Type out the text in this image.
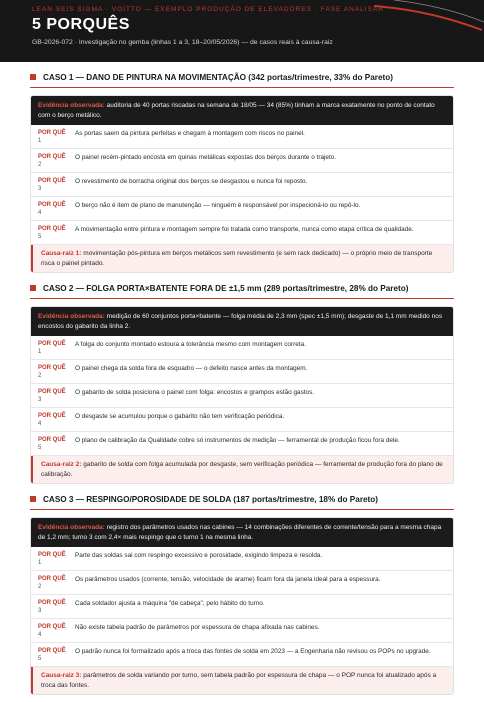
LEAN SEIS SIGMA · VOITTO — EXEMPLO PRODUÇÃO DE ELEVADORES · FASE ANALISAR
5 PORQUÊS
GB-2026-072 · Investigação no gemba (linhas 1 a 3, 18–20/05/2026) — de casos reais à causa-raiz
CASO 1 — DANO DE PINTURA NA MOVIMENTAÇÃO (342 portas/trimestre, 33% do Pareto)
Evidência observada: auditoria de 40 portas riscadas na semana de 18/05 — 34 (85%) tinham a marca exatamente no ponto de contato com o berço metálico.
POR QUÊ
1
As portas saem da pintura perfeitas e chegam à montagem com riscos no painel.
POR QUÊ
2
O painel recém-pintado encosta em quinas metálicas expostas dos berços durante o trajeto.
POR QUÊ
3
O revestimento de borracha original dos berços se desgastou e nunca foi reposto.
POR QUÊ
4
O berço não é item de plano de manutenção — ninguém é responsável por inspecioná-lo ou repô-lo.
POR QUÊ
5
A movimentação entre pintura e montagem sempre foi tratada como transporte, nunca como etapa crítica de qualidade.
Causa-raiz 1: movimentação pós-pintura em berços metálicos sem revestimento (e sem rack dedicado) — o próprio meio de transporte risca o painel pintado.
CASO 2 — FOLGA PORTA×BATENTE FORA DE ±1,5 mm (289 portas/trimestre, 28% do Pareto)
Evidência observada: medição de 60 conjuntos porta×batente — folga média de 2,3 mm (spec ±1,5 mm); desgaste de 1,1 mm medido nos encostos do gabarito da linha 2.
POR QUÊ
1
A folga do conjunto montado estoura a tolerância mesmo com montagem correta.
POR QUÊ
2
O painel chega da solda fora de esquadro — o defeito nasce antes da montagem.
POR QUÊ
3
O gabarito de solda posiciona o painel com folga: encostos e grampos estão gastos.
POR QUÊ
4
O desgaste se acumulou porque o gabarito não tem verificação periódica.
POR QUÊ
5
O plano de calibração da Qualidade cobre só instrumentos de medição — ferramental de produção ficou fora dele.
Causa-raiz 2: gabarito de solda com folga acumulada por desgaste, sem verificação periódica — ferramental de produção fora do plano de calibração.
CASO 3 — RESPINGO/POROSIDADE DE SOLDA (187 portas/trimestre, 18% do Pareto)
Evidência observada: registro dos parâmetros usados nas cabines — 14 combinações diferentes de corrente/tensão para a mesma chapa de 1,2 mm; turno 3 com 2,4× mais respingo que o turno 1 na mesma linha.
POR QUÊ
1
Parte das soldas sai com respingo excessivo e porosidade, exigindo limpeza e resolda.
POR QUÊ
2
Os parâmetros usados (corrente, tensão, velocidade de arame) ficam fora da janela ideal para a espessura.
POR QUÊ
3
Cada soldador ajusta a máquina "de cabeça", pelo hábito do turno.
POR QUÊ
4
Não existe tabela padrão de parâmetros por espessura de chapa afixada nas cabines.
POR QUÊ
5
O padrão nunca foi formalizado após a troca das fontes de solda em 2023 — a Engenharia não revisou os POPs no upgrade.
Causa-raiz 3: parâmetros de solda variando por turno, sem tabela padrão por espessura de chapa — o POP nunca foi atualizado após a troca das fontes.
